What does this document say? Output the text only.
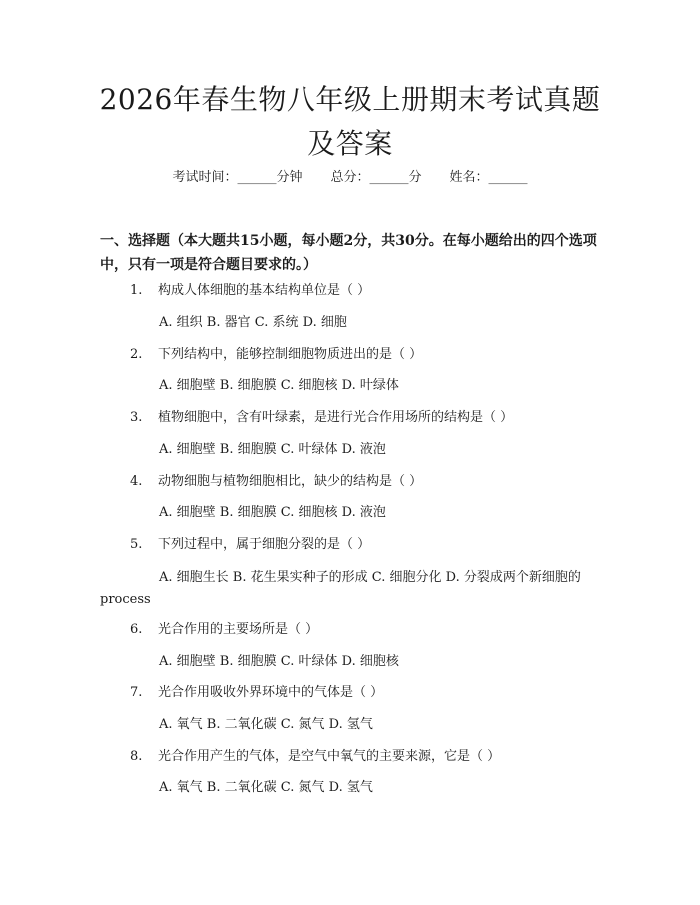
2026年春生物八年级上册期末考试真题及答案
考试时间：______分钟 总分：______分 姓名：______
一、选择题（本大题共15小题，每小题2分，共30分。在每小题给出的四个选项中，只有一项是符合题目要求的。）
1. 构成人体细胞的基本结构单位是（ ）
A. 组织 B. 器官 C. 系统 D. 细胞
2. 下列结构中，能够控制细胞物质进出的是（ ）
A. 细胞壁 B. 细胞膜 C. 细胞核 D. 叶绿体
3. 植物细胞中，含有叶绿素，是进行光合作用场所的结构是（ ）
A. 细胞壁 B. 细胞膜 C. 叶绿体 D. 液泡
4. 动物细胞与植物细胞相比，缺少的结构是（ ）
A. 细胞壁 B. 细胞膜 C. 细胞核 D. 液泡
5. 下列过程中，属于细胞分裂的是（ ）
A. 细胞生长 B. 花生果实种子的形成 C. 细胞分化 D. 分裂成两个新细胞的 process
6. 光合作用的主要场所是（ ）
A. 细胞壁 B. 细胞膜 C. 叶绿体 D. 细胞核
7. 光合作用吸收外界环境中的气体是（ ）
A. 氧气 B. 二氧化碳 C. 氮气 D. 氢气
8. 光合作用产生的气体，是空气中氧气的主要来源，它是（ ）
A. 氧气 B. 二氧化碳 C. 氮气 D. 氢气
